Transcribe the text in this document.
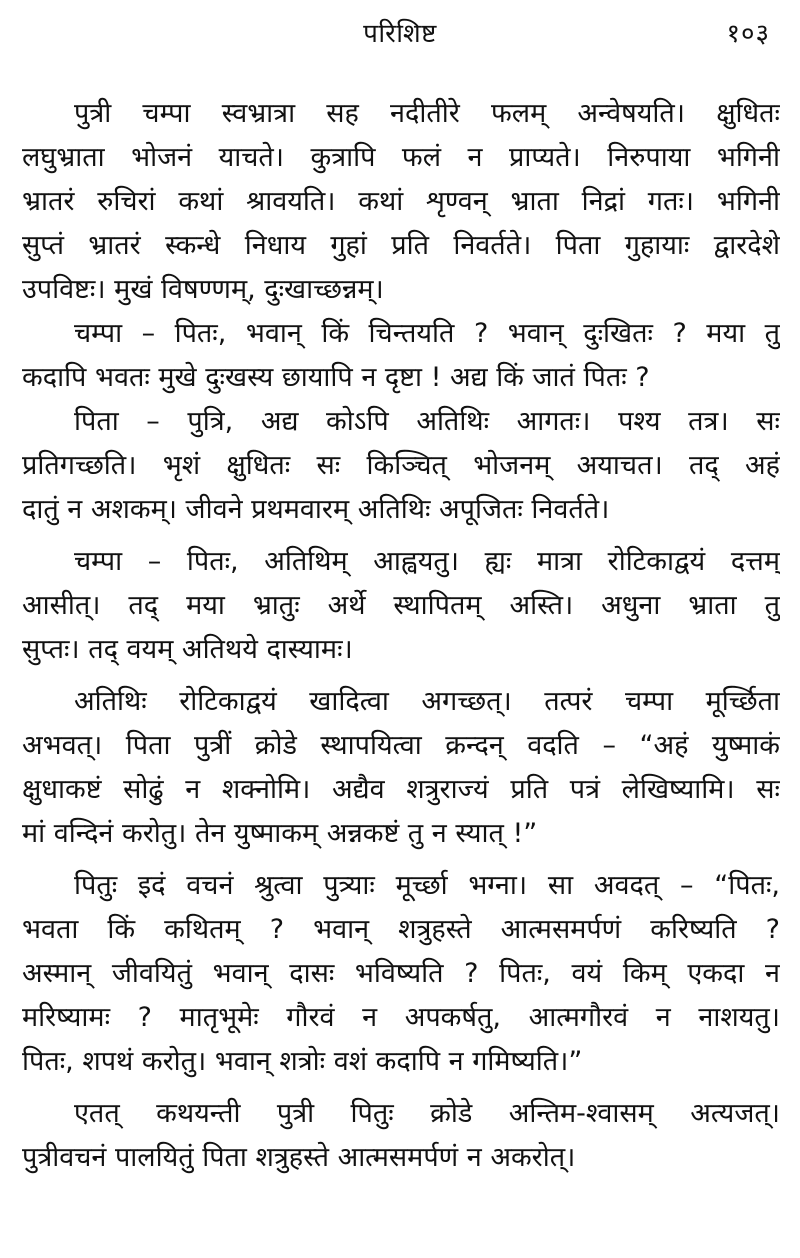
परिशिष्ट	१०३
पुत्री चम्पा स्वभ्रात्रा सह नदीतीरे फलम् अन्वेषयति। क्षुधितः
लघुभ्राता भोजनं याचते। कुत्रापि फलं न प्राप्यते। निरुपाया भगिनी
भ्रातरं रुचिरां कथां श्रावयति। कथां शृण्वन् भ्राता निद्रां गतः। भगिनी
सुप्तं भ्रातरं स्कन्धे निधाय गुहां प्रति निवर्तते। पिता गुहायाः द्वारदेशे
उपविष्टः। मुखं विषण्णम्, दुःखाच्छन्नम्।
चम्पा – पितः, भवान् किं चिन्तयति ? भवान् दुःखितः ? मया तु
कदापि भवतः मुखे दुःखस्य छायापि न दृष्टा ! अद्य किं जातं पितः ?
पिता – पुत्रि, अद्य कोऽपि अतिथिः आगतः। पश्य तत्र। सः
प्रतिगच्छति। भृशं क्षुधितः सः किञ्चित् भोजनम् अयाचत। तद् अहं
दातुं न अशकम्। जीवने प्रथमवारम् अतिथिः अपूजितः निवर्तते।
चम्पा – पितः, अतिथिम् आह्वयतु। ह्यः मात्रा रोटिकाद्वयं दत्तम्
आसीत्। तद् मया भ्रातुः अर्थे स्थापितम् अस्ति। अधुना भ्राता तु
सुप्तः। तद् वयम् अतिथये दास्यामः।
अतिथिः रोटिकाद्वयं खादित्वा अगच्छत्। तत्परं चम्पा मूर्च्छिता
अभवत्। पिता पुत्रीं क्रोडे स्थापयित्वा क्रन्दन् वदति – “अहं युष्माकं
क्षुधाकष्टं सोढुं न शक्नोमि। अद्यैव शत्रुराज्यं प्रति पत्रं लेखिष्यामि। सः
मां वन्दिनं करोतु। तेन युष्माकम् अन्नकष्टं तु न स्यात् !”
पितुः इदं वचनं श्रुत्वा पुत्र्याः मूर्च्छा भग्ना। सा अवदत् – “पितः,
भवता किं कथितम् ? भवान् शत्रुहस्ते आत्मसमर्पणं करिष्यति ?
अस्मान् जीवयितुं भवान् दासः भविष्यति ? पितः, वयं किम् एकदा न
मरिष्यामः ? मातृभूमेः गौरवं न अपकर्षतु, आत्मगौरवं न नाशयतु।
पितः, शपथं करोतु। भवान् शत्रोः वशं कदापि न गमिष्यति।”
एतत् कथयन्ती पुत्री पितुः क्रोडे अन्तिम-श्वासम् अत्यजत्।
पुत्रीवचनं पालयितुं पिता शत्रुहस्ते आत्मसमर्पणं न अकरोत्।
